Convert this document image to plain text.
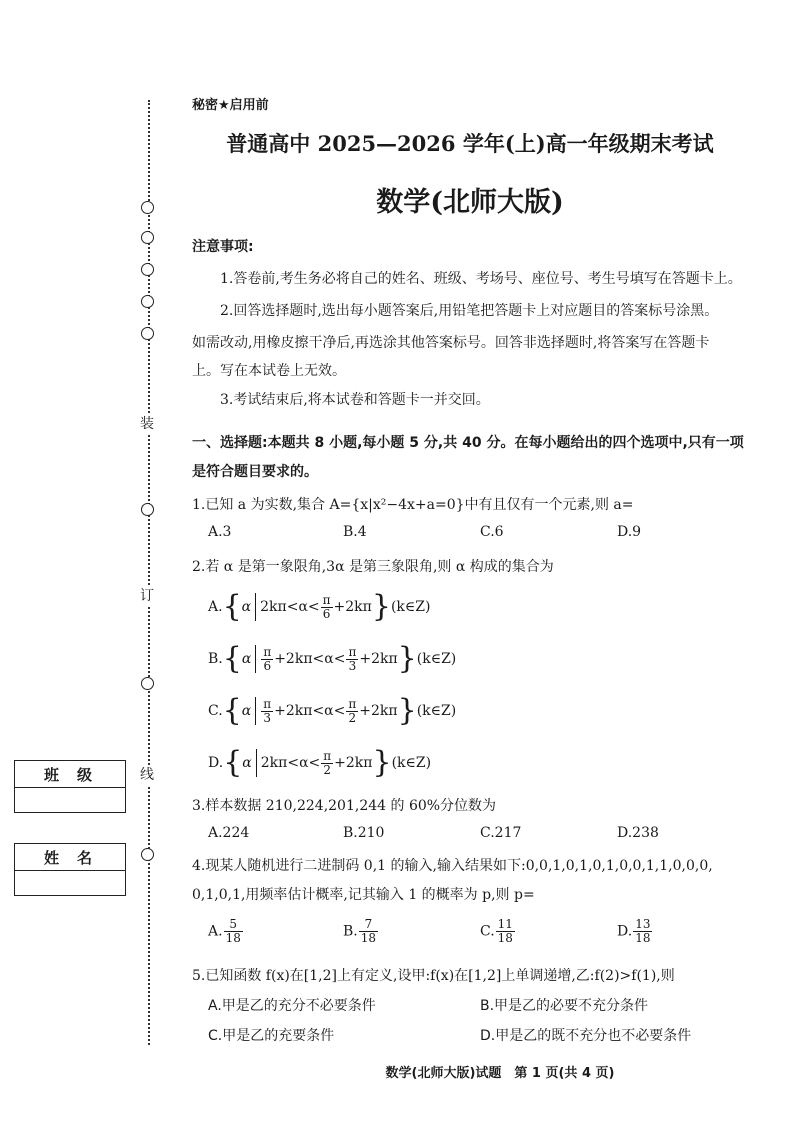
装
订
线
班级
姓名
秘密★启用前
普通高中 2025—2026 学年(上)高一年级期末考试
数学(北师大版)
注意事项:
1.答卷前,考生务必将自己的姓名、班级、考场号、座位号、考生号填写在答题卡上。
2.回答选择题时,选出每小题答案后,用铅笔把答题卡上对应题目的答案标号涂黑。
如需改动,用橡皮擦干净后,再选涂其他答案标号。回答非选择题时,将答案写在答题卡
上。写在本试卷上无效。
3.考试结束后,将本试卷和答题卡一并交回。
一、选择题:本题共 8 小题,每小题 5 分,共 40 分。在每小题给出的四个选项中,只有一项
是符合题目要求的。
1.已知 a 为实数,集合 A={x|x²−4x+a=0}中有且仅有一个元素,则 a=
A.3	B.4	C.6	D.9
2.若 α 是第一象限角,3α 是第三象限角,则 α 构成的集合为
A. { α $2k\pi<\alpha< \frac{\pi}{6} +2k\pi$ } (k∈Z)
B. { α $\frac{\pi}{6} +2k\pi<\alpha< \frac{\pi}{3} +2k\pi$ } (k∈Z)
C. { α $\frac{\pi}{3} +2k\pi<\alpha< \frac{\pi}{2} +2k\pi$ } (k∈Z)
D. { α $2k\pi<\alpha< \frac{\pi}{2} +2k\pi$ } (k∈Z)
3.样本数据 210,224,201,244 的 60%分位数为
A.224	B.210	C.217	D.238
4.现某人随机进行二进制码 0,1 的输入,输入结果如下:0,0,1,0,1,0,1,0,0,1,1,0,0,0,
0,1,0,1,用频率估计概率,记其输入 1 的概率为 p,则 p=
A. $\frac{5}{18}$	B. $\frac{7}{18}$	C. $\frac{11}{18}$	D. $\frac{13}{18}$
5.已知函数 f(x)在[1,2]上有定义,设甲:f(x)在[1,2]上单调递增,乙:f(2)>f(1),则
A.甲是乙的充分不必要条件	B.甲是乙的必要不充分条件
C.甲是乙的充要条件	D.甲是乙的既不充分也不必要条件
数学(北师大版)试题　第 1 页(共 4 页)
